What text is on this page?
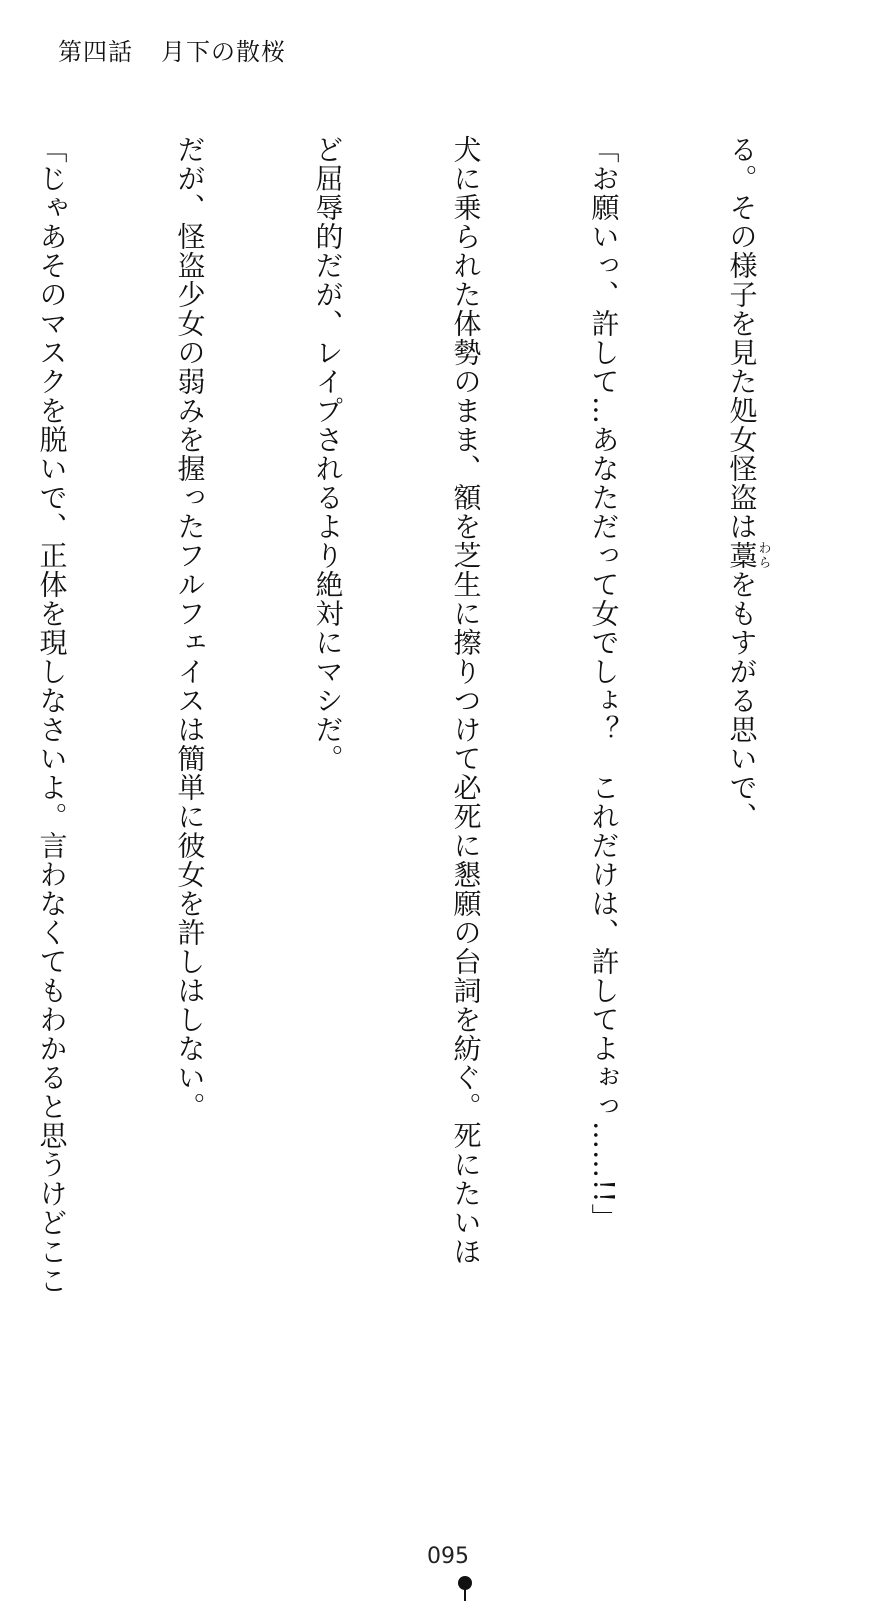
第四話 月下の散桜

る。その様子を見た処女怪盗は藁わらをもすがる思いで、

「お願いっ、許して…あなただって女でしょ？　これだけは、許してよぉっ……!!」

犬に乗られた体勢のまま、額を芝生に擦りつけて必死に懇願の台詞を紡ぐ。死にたいほ

ど屈辱的だが、レイプされるより絶対にマシだ。

だが、怪盗少女の弱みを握ったフルフェイスは簡単に彼女を許しはしない。

「じゃあそのマスクを脱いで、正体を現しなさいよ。言わなくてもわかると思うけどここ

095
